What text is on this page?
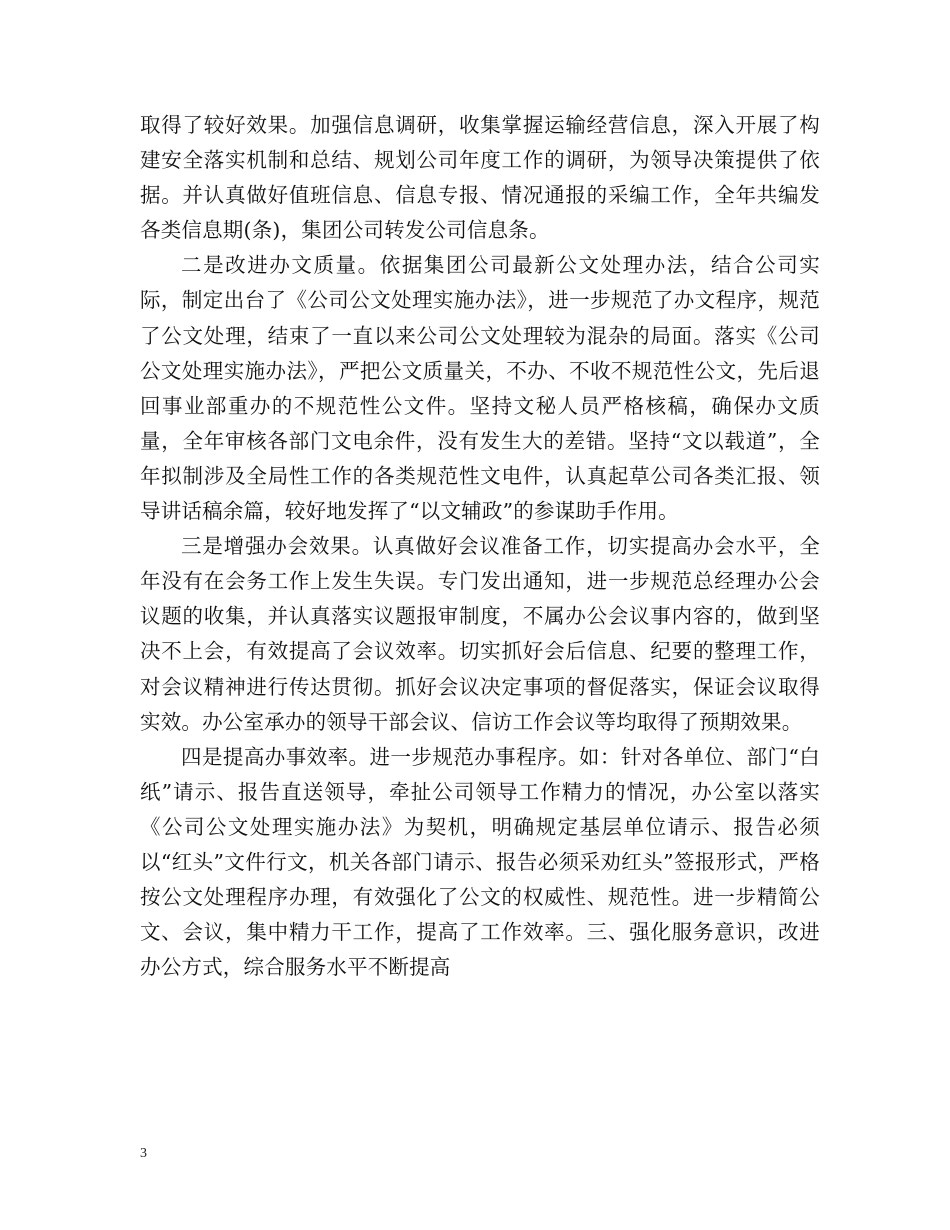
取得了较好效果。加强信息调研，收集掌握运输经营信息，深入开展了构建安全落实机制和总结、规划公司年度工作的调研，为领导决策提供了依据。并认真做好值班信息、信息专报、情况通报的采编工作，全年共编发各类信息期(条)，集团公司转发公司信息条。

二是改进办文质量。依据集团公司最新公文处理办法，结合公司实际，制定出台了《公司公文处理实施办法》，进一步规范了办文程序，规范了公文处理，结束了一直以来公司公文处理较为混杂的局面。落实《公司公文处理实施办法》，严把公文质量关，不办、不收不规范性公文，先后退回事业部重办的不规范性公文件。坚持文秘人员严格核稿，确保办文质量，全年审核各部门文电余件，没有发生大的差错。坚持“文以载道”，全年拟制涉及全局性工作的各类规范性文电件，认真起草公司各类汇报、领导讲话稿余篇，较好地发挥了“以文辅政”的参谋助手作用。

三是增强办会效果。认真做好会议准备工作，切实提高办会水平，全年没有在会务工作上发生失误。专门发出通知，进一步规范总经理办公会议题的收集，并认真落实议题报审制度，不属办公会议事内容的，做到坚决不上会，有效提高了会议效率。切实抓好会后信息、纪要的整理工作，对会议精神进行传达贯彻。抓好会议决定事项的督促落实，保证会议取得实效。办公室承办的领导干部会议、信访工作会议等均取得了预期效果。

四是提高办事效率。进一步规范办事程序。如：针对各单位、部门“白纸”请示、报告直送领导，牵扯公司领导工作精力的情况，办公室以落实《公司公文处理实施办法》为契机，明确规定基层单位请示、报告必须以“红头”文件行文，机关各部门请示、报告必须采劝红头”签报形式，严格按公文处理程序办理，有效强化了公文的权威性、规范性。进一步精简公文、会议，集中精力干工作，提高了工作效率。三、强化服务意识，改进办公方式，综合服务水平不断提高

3
